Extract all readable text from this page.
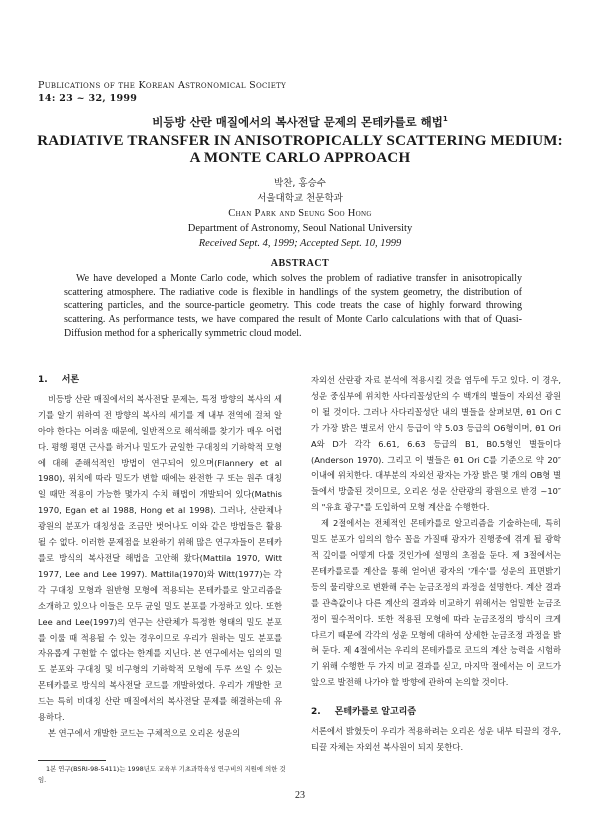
Publications of the Korean Astronomical Society
14: 23 ~ 32, 1999
비등방 산란 매질에서의 복사전달 문제의 몬테카를로 해법$^1$
RADIATIVE TRANSFER IN ANISOTROPICALLY SCATTERING MEDIUM:
A MONTE CARLO APPROACH
박찬, 홍승수
서울대학교 천문학과
Chan Park and Seung Soo Hong
Department of Astronomy, Seoul National University
Received Sept. 4, 1999; Accepted Sept. 10, 1999
ABSTRACT

We have developed a Monte Carlo code, which solves the problem of radiative transfer in anisotropically scattering atmosphere. The radiative code is flexible in handlings of the system geometry, the distribution of scattering particles, and the source-particle geometry. This code treats the case of highly forward throwing scattering. As performance tests, we have compared the result of Monte Carlo calculations with that of Quasi-Diffusion method for a spherically symmetric cloud model.

1. 서론

비등방 산란 매질에서의 복사전달 문제는, 특정 방향의 복사의 세기를 알기 위하여 전 방향의 복사의 세기를 계 내부 전역에 걸쳐 알아야 한다는 어려움 때문에, 일반적으로 해석해를 찾기가 매우 어렵다. 평행 평면 근사를 하거나 밀도가 균일한 구대칭의 기하학적 모형에 대해 준해석적인 방법이 연구되어 있으며(Flannery et al 1980), 위치에 따라 밀도가 변할 때에는 완전한 구 또는 원주 대칭일 때만 적용이 가능한 몇가지 수치 해법이 개발되어 있다(Mathis 1970, Egan et al 1988, Hong et al 1998). 그러나, 산란체나 광원의 분포가 대칭성을 조금만 벗어나도 이와 같은 방법들은 활용될 수 없다. 이러한 문제점을 보완하기 위해 많은 연구자들이 몬테카를로 방식의 복사전달 해법을 고안해 왔다(Mattila 1970, Witt 1977, Lee and Lee 1997). Mattila(1970)와 Witt(1977)는 각각 구대칭 모형과 원반형 모형에 적용되는 몬테카를로 알고리즘을 소개하고 있으나 이들은 모두 균일 밀도 분포를 가정하고 있다. 또한 Lee and Lee(1997)의 연구는 산란체가 특정한 형태의 밀도 분포를 이룰 때 적용될 수 있는 경우이므로 우리가 원하는 밀도 분포를 자유롭게 구현할 수 없다는 한계를 지닌다. 본 연구에서는 임의의 밀도 분포와 구대칭 및 비구형의 기하학적 모형에 두루 쓰일 수 있는 몬테카를로 방식의 복사전달 코드를 개발하였다. 우리가 개발한 코드는 특히 비대칭 산란 매질에서의 복사전달 문제를 해결하는데 유용하다.

본 연구에서 개발한 코드는 구체적으로 오리온 성운의

자외선 산란광 자료 분석에 적용시킬 것을 염두에 두고 있다. 이 경우, 성운 중심부에 위치한 사다리꼴성단의 수 백개의 별들이 자외선 광원이 될 것이다. 그러나 사다리꼴성단 내의 별들을 살펴보면, θ1 Ori C가 가장 밝은 별로서 안시 등급이 약 5.03 등급의 O6형이며, θ1 Ori A와 D가 각각 6.61, 6.63 등급의 B1, B0.5형인 별들이다(Anderson 1970). 그리고 이 별들은 θ1 Ori C를 기준으로 약 20″이내에 위치한다. 대부분의 자외선 광자는 가장 밝은 몇 개의 OB형 별들에서 방출된 것이므로, 오리온 성운 산란광의 광원으로 반경 ~10″의 "유효 광구"를 도입하여 모형 계산을 수행한다.

제 2절에서는 전체적인 몬테카를로 알고리즘을 기술하는데, 특히 밀도 분포가 임의의 함수 꼴을 가질때 광자가 진행중에 겪게 될 광학적 깊이를 어떻게 다룰 것인가에 설명의 초점을 둔다. 제 3절에서는 몬테카를로를 계산을 통해 얻어낸 광자의 '개수'를 성운의 표면밝기 등의 물리량으로 변환해 주는 눈금조정의 과정을 설명한다. 계산 결과를 관측값이나 다른 계산의 결과와 비교하기 위해서는 엄밀한 눈금조정이 필수적이다. 또한 적용된 모형에 따라 눈금조정의 방식이 크게 다르기 때문에 각각의 성운 모형에 대하여 상세한 눈금조정 과정을 밝혀 둔다. 제 4절에서는 우리의 몬테카를로 코드의 계산 능력을 시험하기 위해 수행한 두 가지 비교 결과를 싣고, 마지막 절에서는 이 코드가 앞으로 발전해 나가야 할 방향에 관하여 논의할 것이다.

2. 몬테카를로 알고리즘

서론에서 밝혔듯이 우리가 적용하려는 오리온 성운 내부 티끌의 경우, 티끌 자체는 자외선 복사원이 되지 못한다.

1본 연구(BSRI-98-5411)는 1998년도 교육부 기초과학육성 연구비의 지원에 의한 것임.
23
